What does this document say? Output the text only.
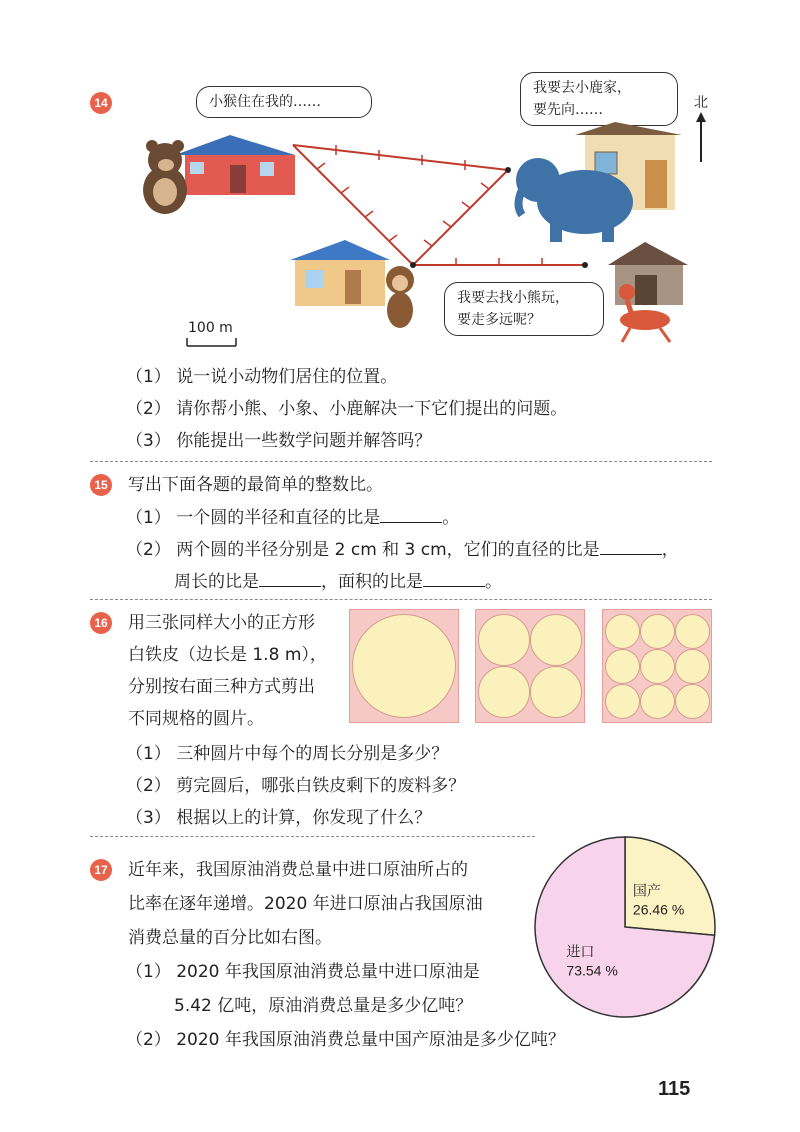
14	小猴住在我的……
我要去小鹿家，
要先向……
我要去找小熊玩，
要走多远呢？
北
100 m
（1） 说一说小动物们居住的位置。
（2） 请你帮小熊、小象、小鹿解决一下它们提出的问题。
（3） 你能提出一些数学问题并解答吗？
15 写出下面各题的最简单的整数比。
（1） 一个圆的半径和直径的比是	。
（2） 两个圆的半径分别是 2 cm 和 3 cm，它们的直径的比是	，
周长的比是	，面积的比是	。
16 用三张同样大小的正方形
白铁皮（边长是 1.8 m），
分别按右面三种方式剪出
不同规格的圆片。
（1） 三种圆片中每个的周长分别是多少？
（2） 剪完圆后，哪张白铁皮剩下的废料多？
（3） 根据以上的计算，你发现了什么？
17 近年来，我国原油消费总量中进口原油所占的
比率在逐年递增。2020 年进口原油占我国原油
消费总量的百分比如右图。
（1） 2020 年我国原油消费总量中进口原油是
5.42 亿吨，原油消费总量是多少亿吨？
（2） 2020 年我国原油消费总量中国产原油是多少亿吨？
国产
26.46 %
进口
73.54 %
115
